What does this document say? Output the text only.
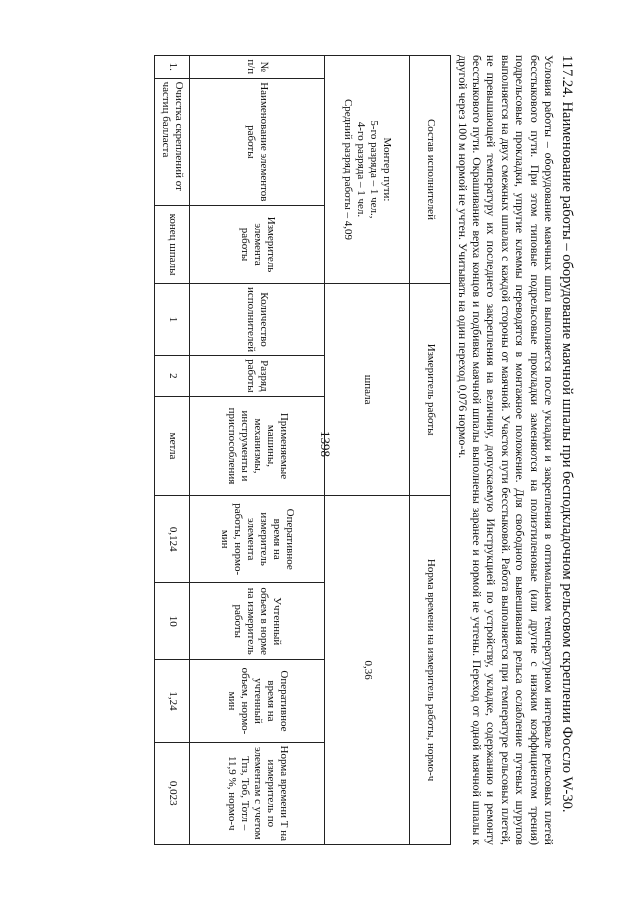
1398	117.24. Наименование работы – оборудование маячной шпалы при бесподкладочном рельсовом скреплении Фоссло W-30.

Условия работы – оборудование маячных шпал выполняется после укладки и закрепления в оптимальном температурном интервале рельсовых плетей бесстыкового пути. При этом типовые подрельсовые прокладки заменяются на полиэтиленовые (или другие с низким коэффициентом трения) подрельсовые прокладки, упругие клеммы переводятся в монтажное положение. Для свободного вывешивания рельса ослабление путевых шурупов выполняется на двух смежных шпалах с каждой стороны от маячной. Участок пути бесстыковой. Работа выполняется при температуре рельсовых плетей, не превышающей температуру их последнего закрепления на величину, допускаемую Инструкцией по устройству, укладке, содержанию и ремонту бесстыкового пути. Окрашивание верха концов и подбивка маячной шпалы выполнены заранее и нормой не учтены. Переход от одной маячной шпалы к другой через 100 м нормой не учтен. Учитывать на один переход 0,076 нормо-ч.

Состав исполнителей			Измеритель работы			Норма времени на измеритель работы, нормо-ч			

Монтер пути:
5-го разряда – 1 чел.,
4-го разряда – 1 чел.
Средний разряд работы – 4,09			шпала			0,36			
№ п/п	Наименование элементов работы	Измеритель элемента работы	Количество исполнителей	Разряд работы	Применяемые машины, механизмы, инструменты и приспособления	Оперативное время на измеритель элемента работы, нормо-мин	Учтенный объем в норме на измеритель работы	Оперативное время на учтенный объем, нормо-мин	Норма времени Т на измеритель по элементам с учетом Тпз, Тоб, Тотл – 11,9 %, нормо-ч
1.	Очистка скреплений от частиц балласта	конец шпалы	1	2	метла	0,124	10	1,24	0,023
